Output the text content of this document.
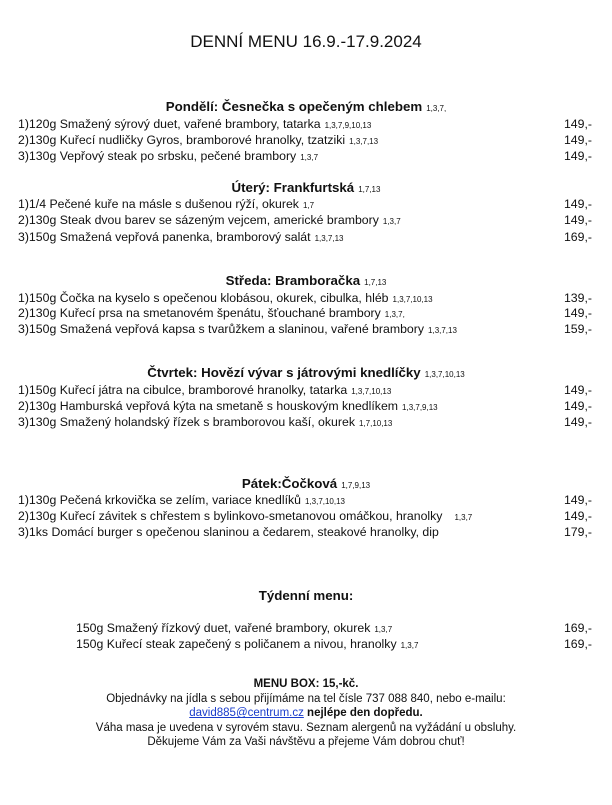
DENNÍ MENU 16.9.-17.9.2024
Pondělí: Česnečka s opečeným chlebem 1,3,7,
1)120g Smažený sýrový duet, vařené brambory, tatarka 1,3,7,9,10,13	149,-
2)130g Kuřecí nudličky Gyros, bramborové hranolky, tzatziki 1,3,7,13	149,-
3)130g Vepřový steak po srbsku, pečené brambory 1,3,7	149,-
Úterý: Frankfurtská 1,7,13
1)1/4 Pečené kuře na másle s dušenou rýží, okurek 1,7	149,-
2)130g Steak dvou barev se sázeným vejcem, americké brambory 1,3,7	149,-
3)150g Smažená vepřová panenka, bramborový salát 1,3,7,13	169,-
Středa: Bramboračka 1,7,13
1)150g Čočka na kyselo s opečenou klobásou, okurek, cibulka, hléb 1,3,7,10,13	139,-
2)130g Kuřecí prsa na smetanovém špenátu, šťouchané brambory 1,3,7,	149,-
3)150g Smažená vepřová kapsa s tvarůžkem a slaninou, vařené brambory 1,3,7,13	159,-
Čtvrtek: Hovězí vývar s játrovými knedlíčky 1,3,7,10,13
1)150g Kuřecí játra na cibulce, bramborové hranolky, tatarka 1,3,7,10,13	149,-
2)130g Hamburská vepřová kýta na smetaně s houskovým knedlíkem 1,3,7,9,13	149,-
3)130g Smažený holandský řízek s bramborovou kaší, okurek 1,7,10,13	149,-
Pátek:Čočková 1,7,9,13
1)130g Pečená krkovička se zelím, variace knedlíků 1,3,7,10,13	149,-
2)130g Kuřecí závitek s chřestem s bylinkovo-smetanovou omáčkou, hranolky 1,3,7	149,-
3)1ks Domácí burger s opečenou slaninou a čedarem, steakové hranolky, dip	179,-
Týdenní menu:
150g Smažený řízkový duet, vařené brambory, okurek 1,3,7	169,-
150g Kuřecí steak zapečený s poličanem a nivou, hranolky 1,3,7	169,-
MENU BOX: 15,-kč.
Objednávky na jídla s sebou přijímáme na tel čísle 737 088 840, nebo e-mailu:
david885@centrum.cz nejlépe den dopředu.
Váha masa je uvedena v syrovém stavu. Seznam alergenů na vyžádání u obsluhy.
Děkujeme Vám za Vaši návštěvu a přejeme Vám dobrou chuť!
